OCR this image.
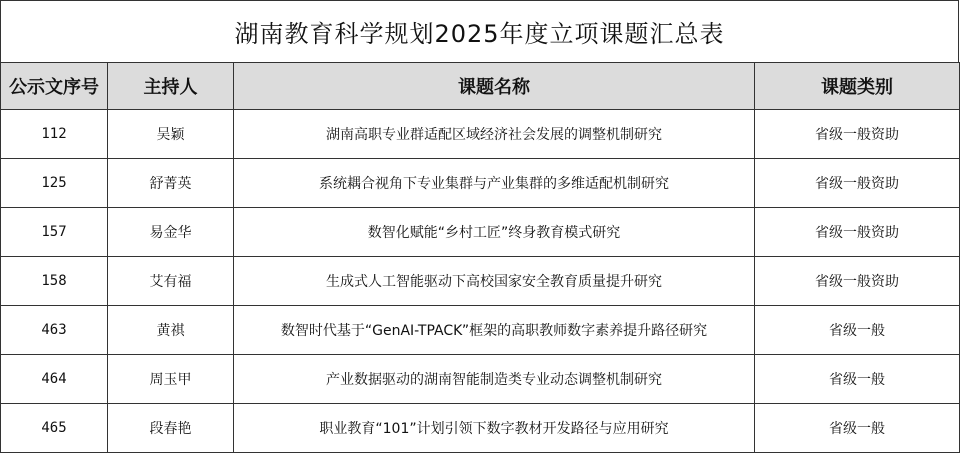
湖南教育科学规划2025年度立项课题汇总表
公示文序号	主持人	课题名称	课题类别
112	吴颖	湖南高职专业群适配区域经济社会发展的调整机制研究	省级一般资助
125	舒菁英	系统耦合视角下专业集群与产业集群的多维适配机制研究	省级一般资助
157	易金华	数智化赋能“乡村工匠”终身教育模式研究	省级一般资助
158	艾有福	生成式人工智能驱动下高校国家安全教育质量提升研究	省级一般资助
463	黄祺	数智时代基于“GenAI-TPACK”框架的高职教师数字素养提升路径研究	省级一般
464	周玉甲	产业数据驱动的湖南智能制造类专业动态调整机制研究	省级一般
465	段春艳	职业教育“101”计划引领下数字教材开发路径与应用研究	省级一般
